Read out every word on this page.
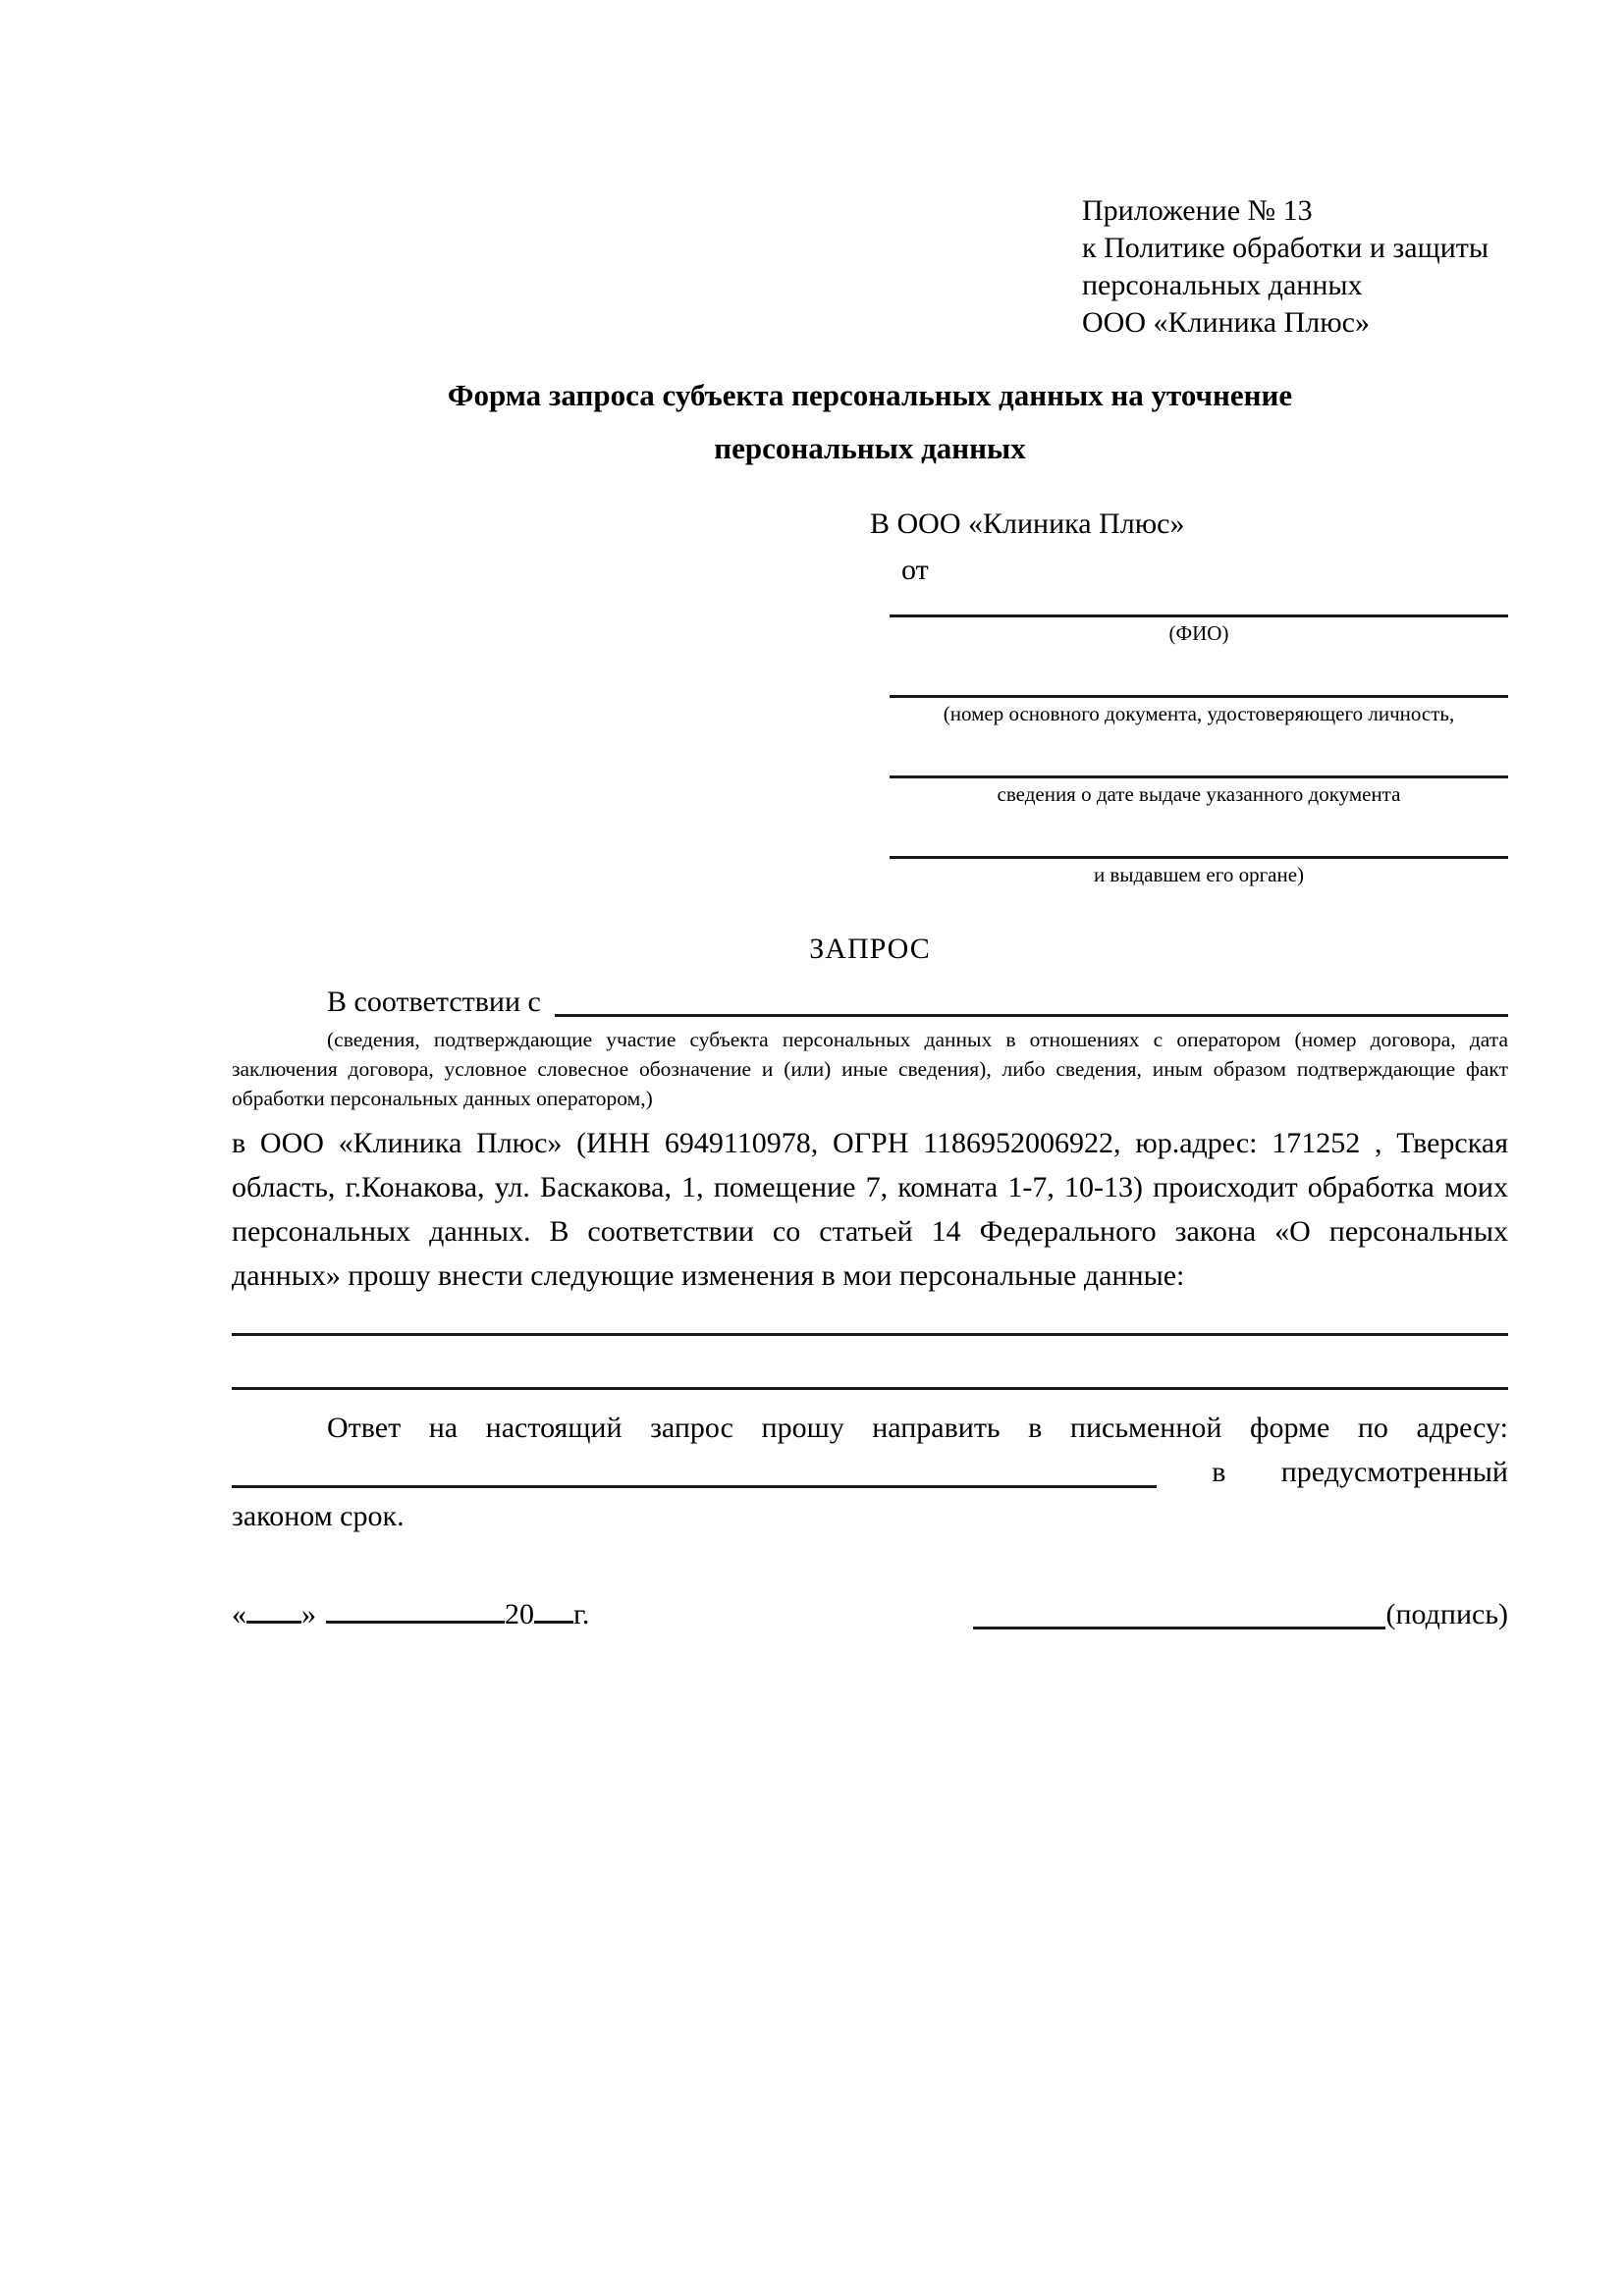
Приложение № 13
к Политике обработки и защиты
персональных данных
ООО «Клиника Плюс»
Форма запроса субъекта персональных данных на уточнение
персональных данных
В ООО «Клиника Плюс»
от
(ФИО)
(номер основного документа, удостоверяющего личность,
сведения о дате выдаче указанного документа
и выдавшем его органе)
ЗАПРОС
В соответствии с
(сведения, подтверждающие участие субъекта персональных данных в отношениях с оператором (номер договора, дата заключения договора, условное словесное обозначение и (или) иные сведения), либо сведения, иным образом подтверждающие факт обработки персональных данных оператором,)
в ООО «Клиника Плюс» (ИНН 6949110978, ОГРН 1186952006922, юр.адрес: 171252 , Тверская область, г.Конакова, ул. Баскакова, 1, помещение 7, комната 1-7, 10-13) происходит обработка моих персональных данных. В соответствии со статьей 14 Федерального закона «О персональных данных» прошу внести следующие изменения в мои персональные данные:
Ответ на настоящий запрос прошу направить в письменной форме по адресу:
в предусмотренный
законом срок.
« »	20 г.	(подпись)
